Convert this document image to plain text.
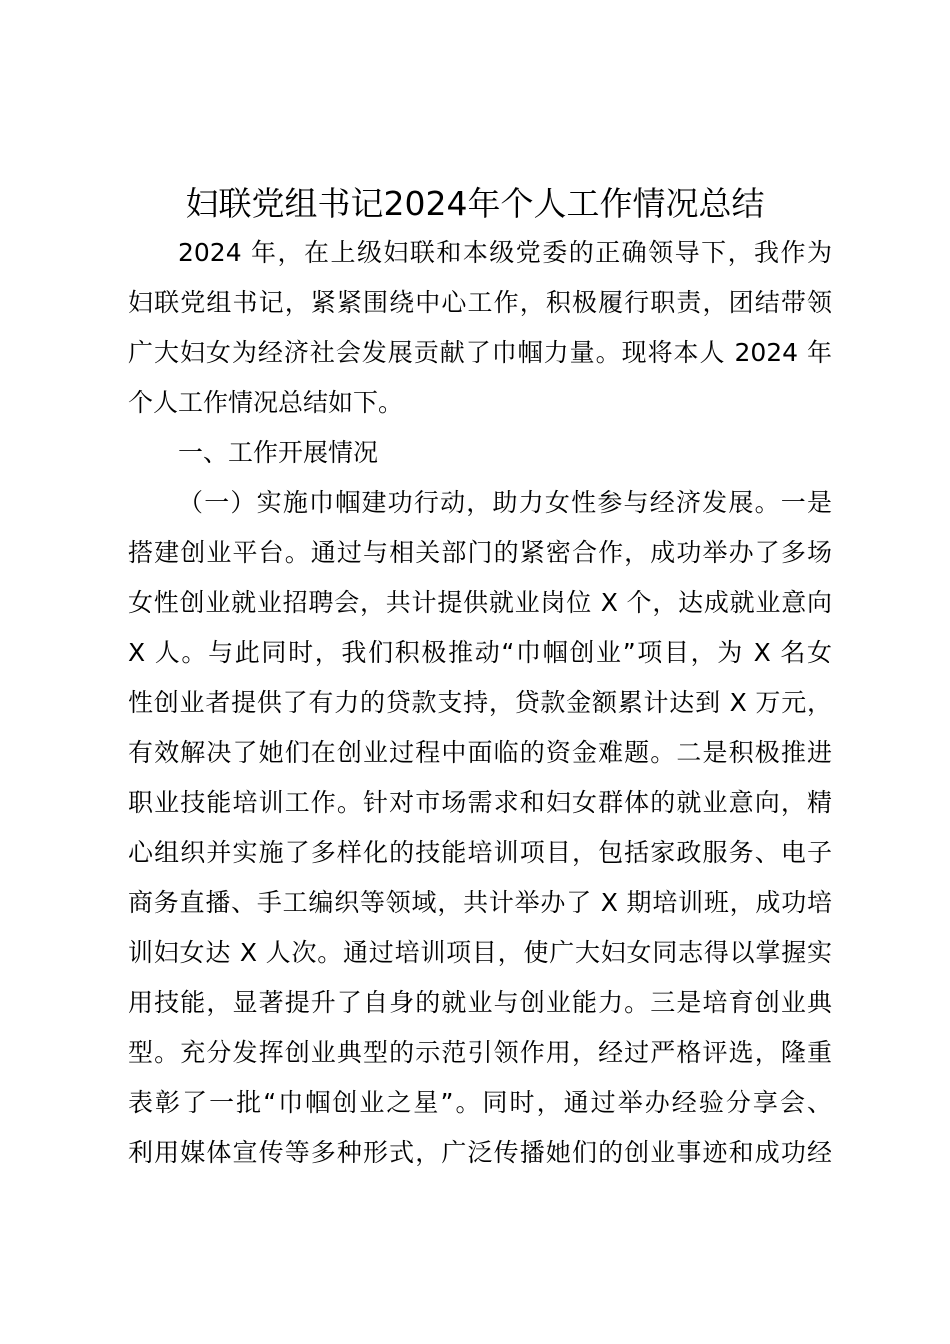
妇联党组书记2024年个人工作情况总结
2024 年，在上级妇联和本级党委的正确领导下，我作为
妇联党组书记，紧紧围绕中心工作，积极履行职责，团结带领
广大妇女为经济社会发展贡献了巾帼力量。现将本人 2024 年
个人工作情况总结如下。
一、工作开展情况
（一）实施巾帼建功行动，助力女性参与经济发展。一是
搭建创业平台。通过与相关部门的紧密合作，成功举办了多场
女性创业就业招聘会，共计提供就业岗位 X 个，达成就业意向
X 人。与此同时，我们积极推动“巾帼创业”项目，为 X 名女
性创业者提供了有力的贷款支持，贷款金额累计达到 X 万元，
有效解决了她们在创业过程中面临的资金难题。二是积极推进
职业技能培训工作。针对市场需求和妇女群体的就业意向，精
心组织并实施了多样化的技能培训项目，包括家政服务、电子
商务直播、手工编织等领域，共计举办了 X 期培训班，成功培
训妇女达 X 人次。通过培训项目，使广大妇女同志得以掌握实
用技能，显著提升了自身的就业与创业能力。三是培育创业典
型。充分发挥创业典型的示范引领作用，经过严格评选，隆重
表彰了一批“巾帼创业之星”。同时，通过举办经验分享会、
利用媒体宣传等多种形式，广泛传播她们的创业事迹和成功经
